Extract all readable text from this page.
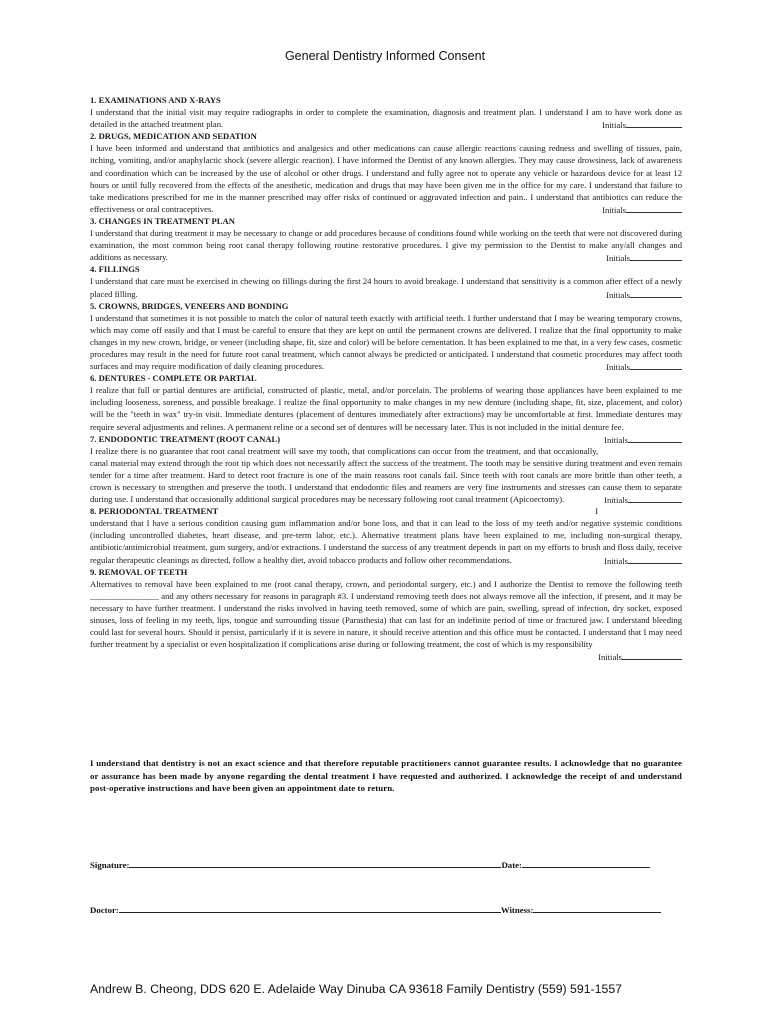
General Dentistry Informed Consent
1. EXAMINATIONS AND X-RAYS
I understand that the initial visit may require radiographs in order to complete the examination, diagnosis and treatment plan. I understand I am to have work done as detailed in the attached treatment plan.	Initials
2. DRUGS, MEDICATION AND SEDATION
I have been informed and understand that antibiotics and analgesics and other medications can cause allergic reactions causing redness and swelling of tissues, pain, itching, vomiting, and/or anaphylactic shock (severe allergic reaction). I have informed the Dentist of any known allergies. They may cause drowsiness, lack of awareness and coordination which can be increased by the use of alcohol or other drugs. I understand and fully agree not to operate any vehicle or hazardous device for at least 12 hours or until fully recovered from the effects of the anesthetic, medication and drugs that may have been given me in the office for my care. I understand that failure to take medications prescribed for me in the manner prescribed may offer risks of continued or aggravated infection and pain.. I understand that antibiotics can reduce the effectiveness or oral contraceptives.	Initials
3. CHANGES IN TREATMENT PLAN
I understand that during treatment it may be necessary to change or add procedures because of conditions found while working on the teeth that were not discovered during examination, the most common being root canal therapy following routine restorative procedures. I give my permission to the Dentist to make any/all changes and additions as necessary.	Initials
4. FILLINGS
I understand that care must be exercised in chewing on fillings during the first 24 hours to avoid breakage. I understand that sensitivity is a common after effect of a newly placed filling.	Initials
5. CROWNS, BRIDGES, VENEERS AND BONDING
I understand that sometimes it is not possible to match the color of natural teeth exactly with artificial teeth. I further understand that I may be wearing temporary crowns, which may come off easily and that I must be careful to ensure that they are kept on until the permanent crowns are delivered. I realize that the final opportunity to make changes in my new crown, bridge, or veneer (including shape, fit, size and color) will be before cementation. It has been explained to me that, in a very few cases, cosmetic procedures may result in the need for future root canal treatment, which cannot always be predicted or anticipated. I understand that cosmetic procedures may affect tooth surfaces and may require modification of daily cleaning procedures.	Initials
6. DENTURES - COMPLETE OR PARTIAL
I realize that full or partial dentures are artificial, constructed of plastic, metal, and/or porcelain. The problems of wearing those appliances have been explained to me including looseness, soreness, and possible breakage. I realize the final opportunity to make changes in my new denture (including shape, fit, size, placement, and color) will be the "teeth in wax" try-in visit. Immediate dentures (placement of dentures immediately after extractions) may be uncomfortable at first. Immediate dentures may require several adjustments and relines. A permanent reline or a second set of dentures will be necessary later. This is not included in the initial denture fee.
Initials
7. ENDODONTIC TREATMENT (ROOT CANAL)
I realize there is no guarantee that root canal treatment will save my tooth, that complications can occur from the treatment, and that occasionally, canal material may extend through the root tip which does not necessarily affect the success of the treatment. The tooth may be sensitive during treatment and even remain tender for a time after treatment. Hard to detect root fracture is one of the main reasons root canals fail. Since teeth with root canals are more brittle than other teeth, a crown is necessary to strengthen and preserve the tooth. I understand that endodontic files and reamers are very fine instruments and stresses can cause them to separate during use. I understand that occasionally additional surgical procedures may be necessary following root canal treatment (Apicoectomy).	Initials
8. PERIODONTAL TREATMENT	I
understand that I have a serious condition causing gum inflammation and/or bone loss, and that it can lead to the loss of my teeth and/or negative systemic conditions (including uncontrolled diabetes, heart disease, and pre-term labor, etc.). Alternative treatment plans have been explained to me, including non-surgical therapy, antibiotic/antimicrobial treatment, gum surgery, and/or extractions. I understand the success of any treatment depends in part on my efforts to brush and floss daily, receive regular therapeutic cleanings as directed, follow a healthy diet, avoid tobacco products and follow other recommendations.	Initials
9. REMOVAL OF TEETH
Alternatives to removal have been explained to me (root canal therapy, crown, and periodontal surgery, etc.) and I authorize the Dentist to remove the following teeth ________________ and any others necessary for reasons in paragraph #3. I understand removing teeth does not always remove all the infection, if present, and it may be necessary to have further treatment. I understand the risks involved in having teeth removed, some of which are pain, swelling, spread of infection, dry socket, exposed sinuses, loss of feeling in my teeth, lips, tongue and surrounding tissue (Parasthesia) that can last for an indefinite period of time or fractured jaw. I understand bleeding could last for several hours. Should it persist, particularly if it is severe in nature, it should receive attention and this office must be contacted. I understand that I may need further treatment by a specialist or even hospitalization if complications arise during or following treatment, the cost of which is my responsibility
Initials
I understand that dentistry is not an exact science and that therefore reputable practitioners cannot guarantee results. I acknowledge that no guarantee or assurance has been made by anyone regarding the dental treatment I have requested and authorized. I acknowledge the receipt of and understand post-operative instructions and have been given an appointment date to return.
Signature:	Date:
Doctor:	Witness:
Andrew B. Cheong, DDS 620 E. Adelaide Way Dinuba CA 93618 Family Dentistry (559) 591-1557
